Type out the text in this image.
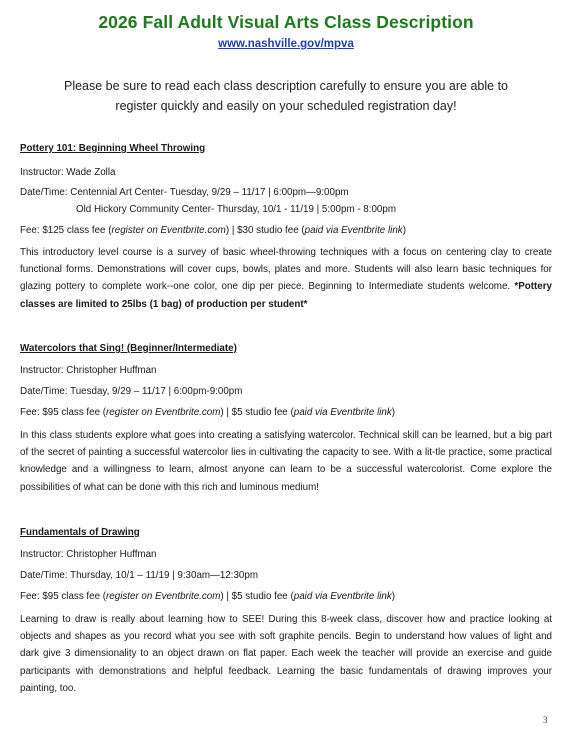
2026 Fall Adult Visual Arts Class Description
www.nashville.gov/mpva
Please be sure to read each class description carefully to ensure you are able to
register quickly and easily on your scheduled registration day!
Pottery 101: Beginning Wheel Throwing
Instructor: Wade Zolla
Date/Time: Centennial Art Center- Tuesday, 9/29 – 11/17 | 6:00pm—9:00pm
Old Hickory Community Center- Thursday, 10/1 - 11/19 | 5:00pm - 8:00pm
Fee: $125 class fee (register on Eventbrite.com) | $30 studio fee (paid via Eventbrite link)
This introductory level course is a survey of basic wheel-throwing techniques with a focus on centering clay to create functional forms. Demonstrations will cover cups, bowls, plates and more. Students will also learn basic techniques for glazing pottery to complete work--one color, one dip per piece. Beginning to Intermediate students welcome. *Pottery classes are limited to 25lbs (1 bag) of production per student*
Watercolors that Sing! (Beginner/Intermediate)
Instructor: Christopher Huffman
Date/Time: Tuesday, 9/29 – 11/17 | 6:00pm-9:00pm
Fee: $95 class fee (register on Eventbrite.com) | $5 studio fee (paid via Eventbrite link)
In this class students explore what goes into creating a satisfying watercolor. Technical skill can be learned, but a big part of the secret of painting a successful watercolor lies in cultivating the capacity to see. With a lit-tle practice, some practical knowledge and a willingness to learn, almost anyone can learn to be a successful watercolorist. Come explore the possibilities of what can be done with this rich and luminous medium!
Fundamentals of Drawing
Instructor: Christopher Huffman
Date/Time: Thursday, 10/1 – 11/19 | 9:30am—12:30pm
Fee: $95 class fee (register on Eventbrite.com) | $5 studio fee (paid via Eventbrite link)
Learning to draw is really about learning how to SEE! During this 8-week class, discover how and practice looking at objects and shapes as you record what you see with soft graphite pencils. Begin to understand how values of light and dark give 3 dimensionality to an object drawn on flat paper. Each week the teacher will provide an exercise and guide participants with demonstrations and helpful feedback. Learning the basic fundamentals of drawing improves your painting, too.
3
